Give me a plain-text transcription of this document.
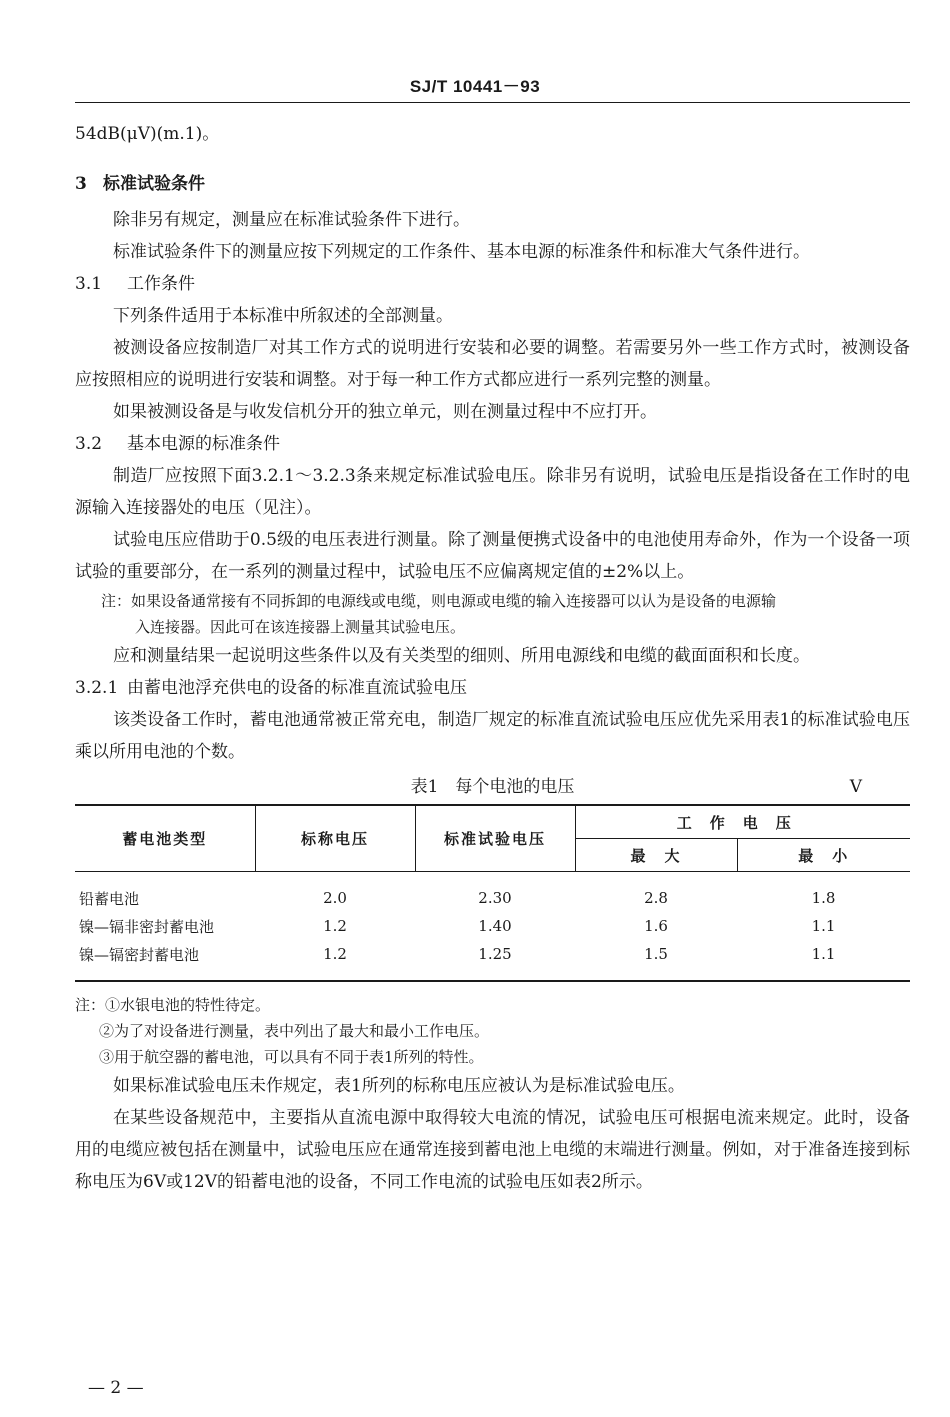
SJ/T 10441－93

54dB(μV)(m.1)。

3 标准试验条件

除非另有规定，测量应在标准试验条件下进行。

标准试验条件下的测量应按下列规定的工作条件、基本电源的标准条件和标准大气条件进行。

3.1 工作条件

下列条件适用于本标准中所叙述的全部测量。

被测设备应按制造厂对其工作方式的说明进行安装和必要的调整。若需要另外一些工作方式时，被测设备应按照相应的说明进行安装和调整。对于每一种工作方式都应进行一系列完整的测量。

如果被测设备是与收发信机分开的独立单元，则在测量过程中不应打开。

3.2 基本电源的标准条件

制造厂应按照下面3.2.1～3.2.3条来规定标准试验电压。除非另有说明，试验电压是指设备在工作时的电源输入连接器处的电压（见注）。

试验电压应借助于0.5级的电压表进行测量。除了测量便携式设备中的电池使用寿命外，作为一个设备一项试验的重要部分，在一系列的测量过程中，试验电压不应偏离规定值的±2%以上。

注：如果设备通常接有不同拆卸的电源线或电缆，则电源或电缆的输入连接器可以认为是设备的电源输

入连接器。因此可在该连接器上测量其试验电压。

应和测量结果一起说明这些条件以及有关类型的细则、所用电源线和电缆的截面面积和长度。

3.2.1 由蓄电池浮充供电的设备的标准直流试验电压

该类设备工作时，蓄电池通常被正常充电，制造厂规定的标准直流试验电压应优先采用表1的标准试验电压乘以所用电池的个数。

表1　每个电池的电压	V
蓄电池类型	标称电压	标准试验电压	工作电压	
			最　大	最　小
铅蓄电池	2.0	2.30	2.8	1.8
镍—镉非密封蓄电池	1.2	1.40	1.6	1.1
镍—镉密封蓄电池	1.2	1.25	1.5	1.1
注：①水银电池的特性待定。
②为了对设备进行测量，表中列出了最大和最小工作电压。
③用于航空器的蓄电池，可以具有不同于表1所列的特性。

如果标准试验电压未作规定，表1所列的标称电压应被认为是标准试验电压。

在某些设备规范中，主要指从直流电源中取得较大电流的情况，试验电压可根据电流来规定。此时，设备用的电缆应被包括在测量中，试验电压应在通常连接到蓄电池上电缆的末端进行测量。例如，对于准备连接到标称电压为6V或12V的铅蓄电池的设备，不同工作电流的试验电压如表2所示。

— 2 —
